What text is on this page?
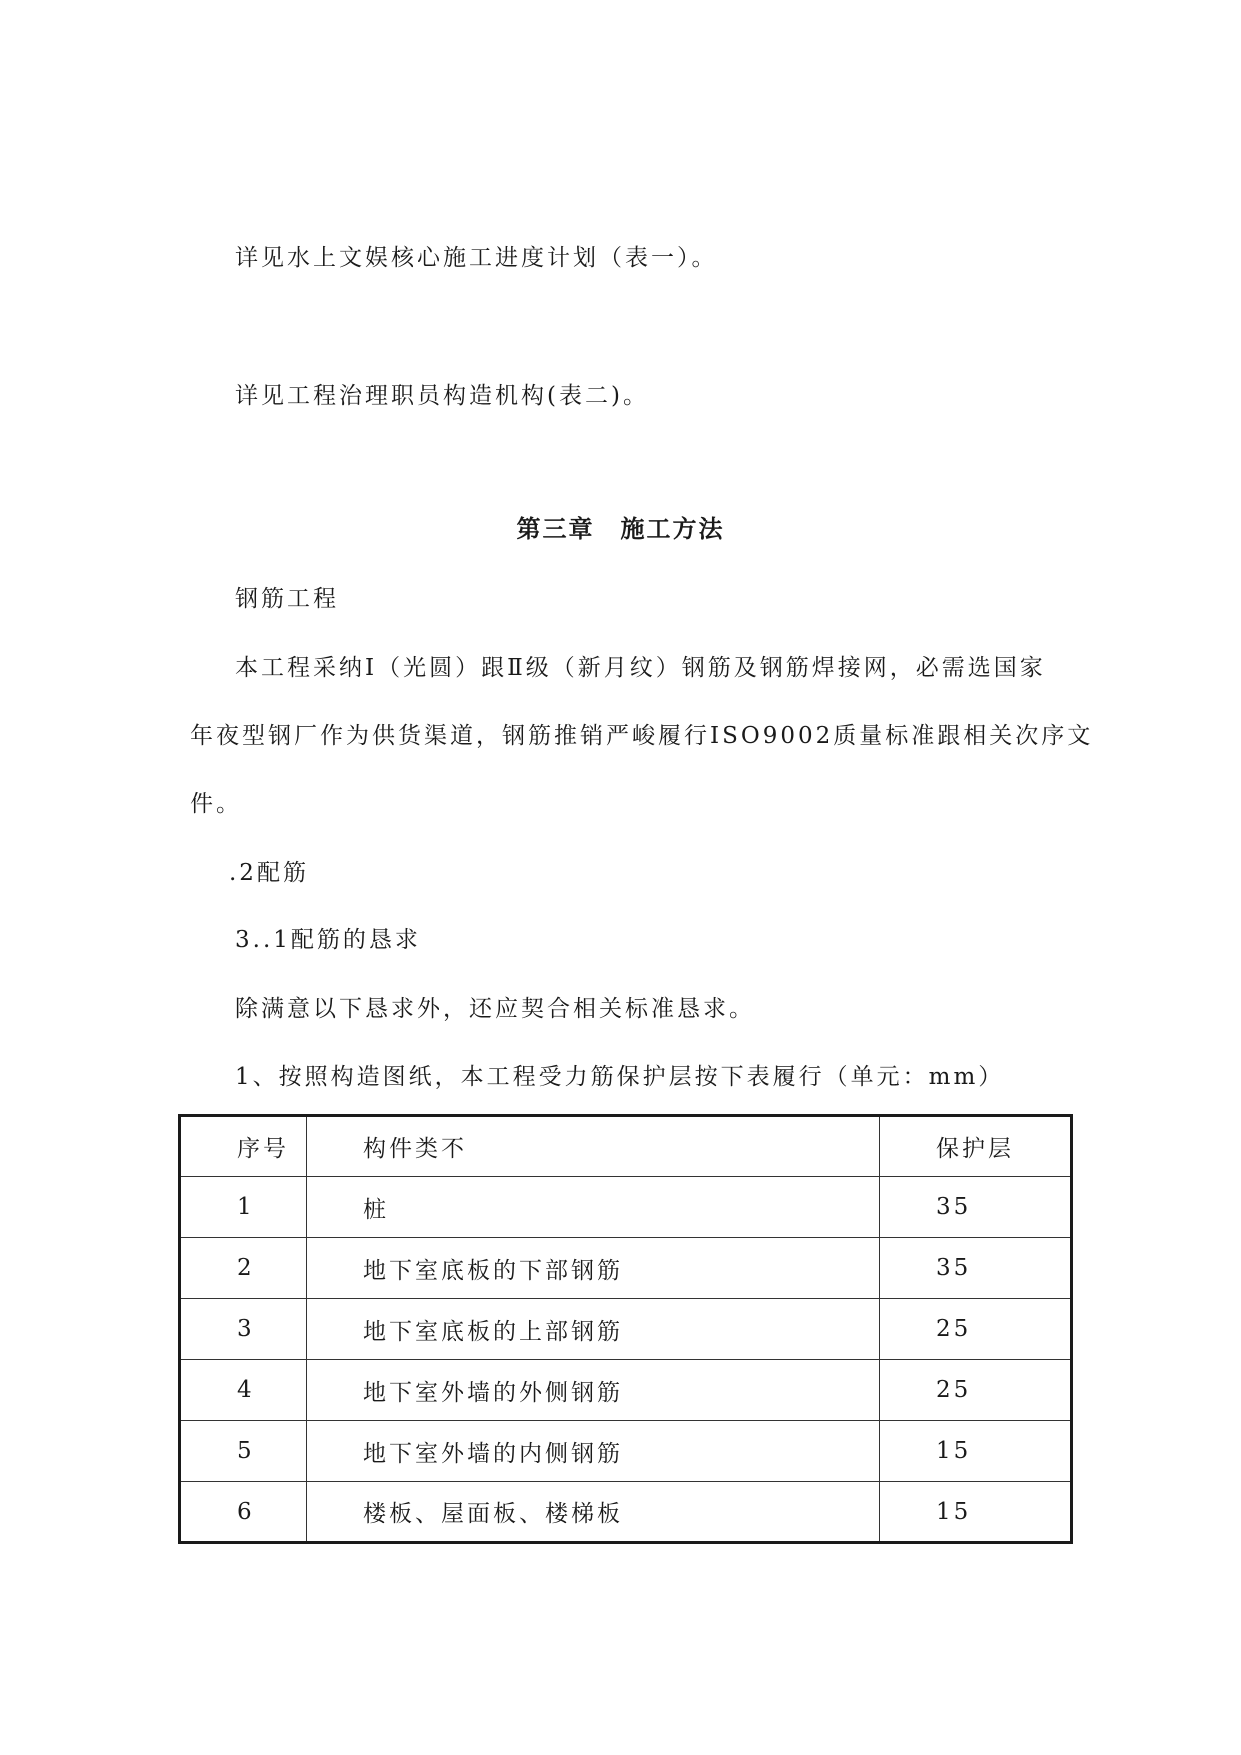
详见水上文娱核心施工进度计划（表一）。
详见工程治理职员构造机构(表二)。
第三章　施工方法
钢筋工程
本工程采纳Ⅰ（光圆）跟Ⅱ级（新月纹）钢筋及钢筋焊接网，必需选国家
年夜型钢厂作为供货渠道，钢筋推销严峻履行ISO9002质量标准跟相关次序文
件。
.2配筋
3..1配筋的恳求
除满意以下恳求外，还应契合相关标准恳求。
1、按照构造图纸，本工程受力筋保护层按下表履行（单元：mm）
序号	构件类不	保护层
1	桩	35
2	地下室底板的下部钢筋	35
3	地下室底板的上部钢筋	25
4	地下室外墙的外侧钢筋	25
5	地下室外墙的内侧钢筋	15
6	楼板、屋面板、楼梯板	15
